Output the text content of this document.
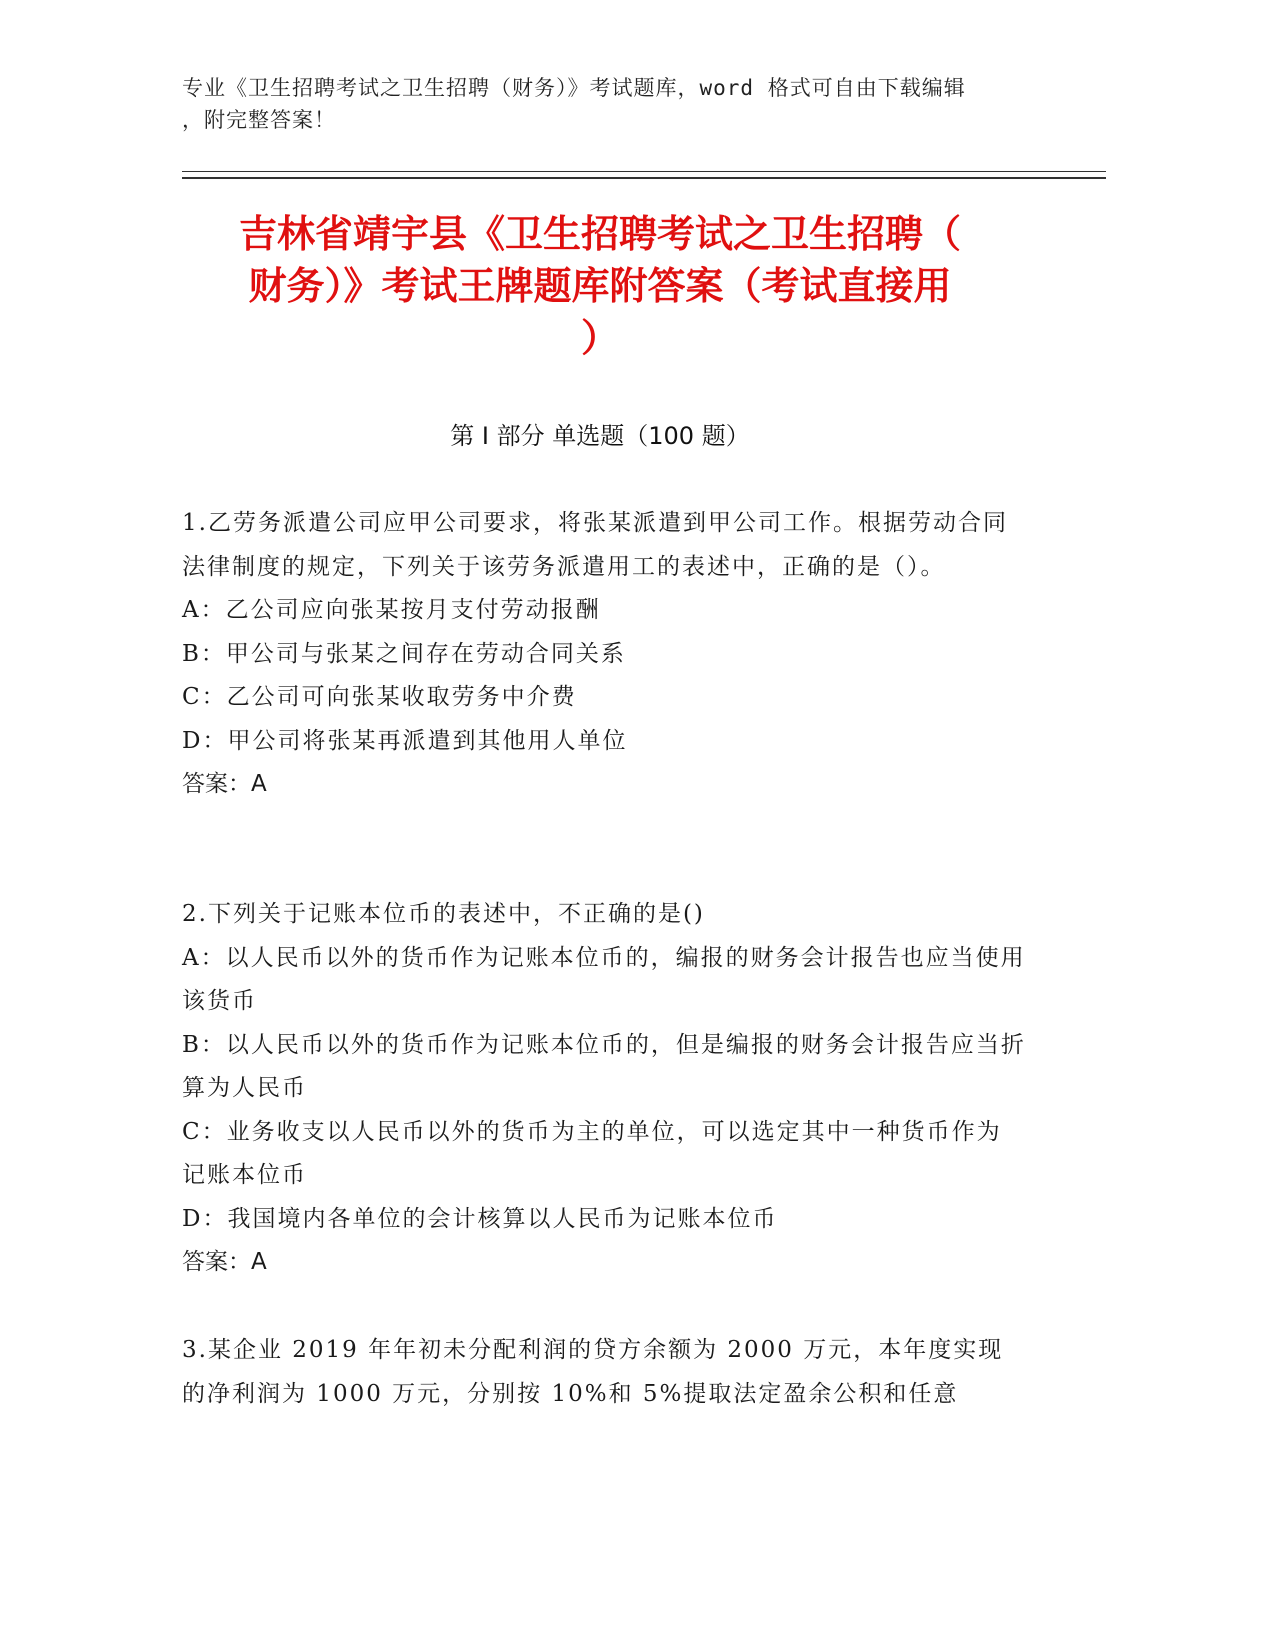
专业《卫生招聘考试之卫生招聘（财务）》考试题库，word 格式可自由下载编辑
，附完整答案！
吉林省靖宇县《卫生招聘考试之卫生招聘（
财务）》考试王牌题库附答案（考试直接用
）
第 I 部分 单选题（100 题）

1.乙劳务派遣公司应甲公司要求，将张某派遣到甲公司工作。根据劳动合同法律制度的规定，下列关于该劳务派遣用工的表述中，正确的是（）。

A：乙公司应向张某按月支付劳动报酬

B：甲公司与张某之间存在劳动合同关系

C：乙公司可向张某收取劳务中介费

D：甲公司将张某再派遣到其他用人单位

答案：A

2.下列关于记账本位币的表述中，不正确的是()

A：以人民币以外的货币作为记账本位币的，编报的财务会计报告也应当使用该货币

B：以人民币以外的货币作为记账本位币的，但是编报的财务会计报告应当折算为人民币

C：业务收支以人民币以外的货币为主的单位，可以选定其中一种货币作为记账本位币

D：我国境内各单位的会计核算以人民币为记账本位币

答案：A

3.某企业 2019 年年初未分配利润的贷方余额为 2000 万元，本年度实现的净利润为 1000 万元，分别按 10%和 5%提取法定盈余公积和任意
